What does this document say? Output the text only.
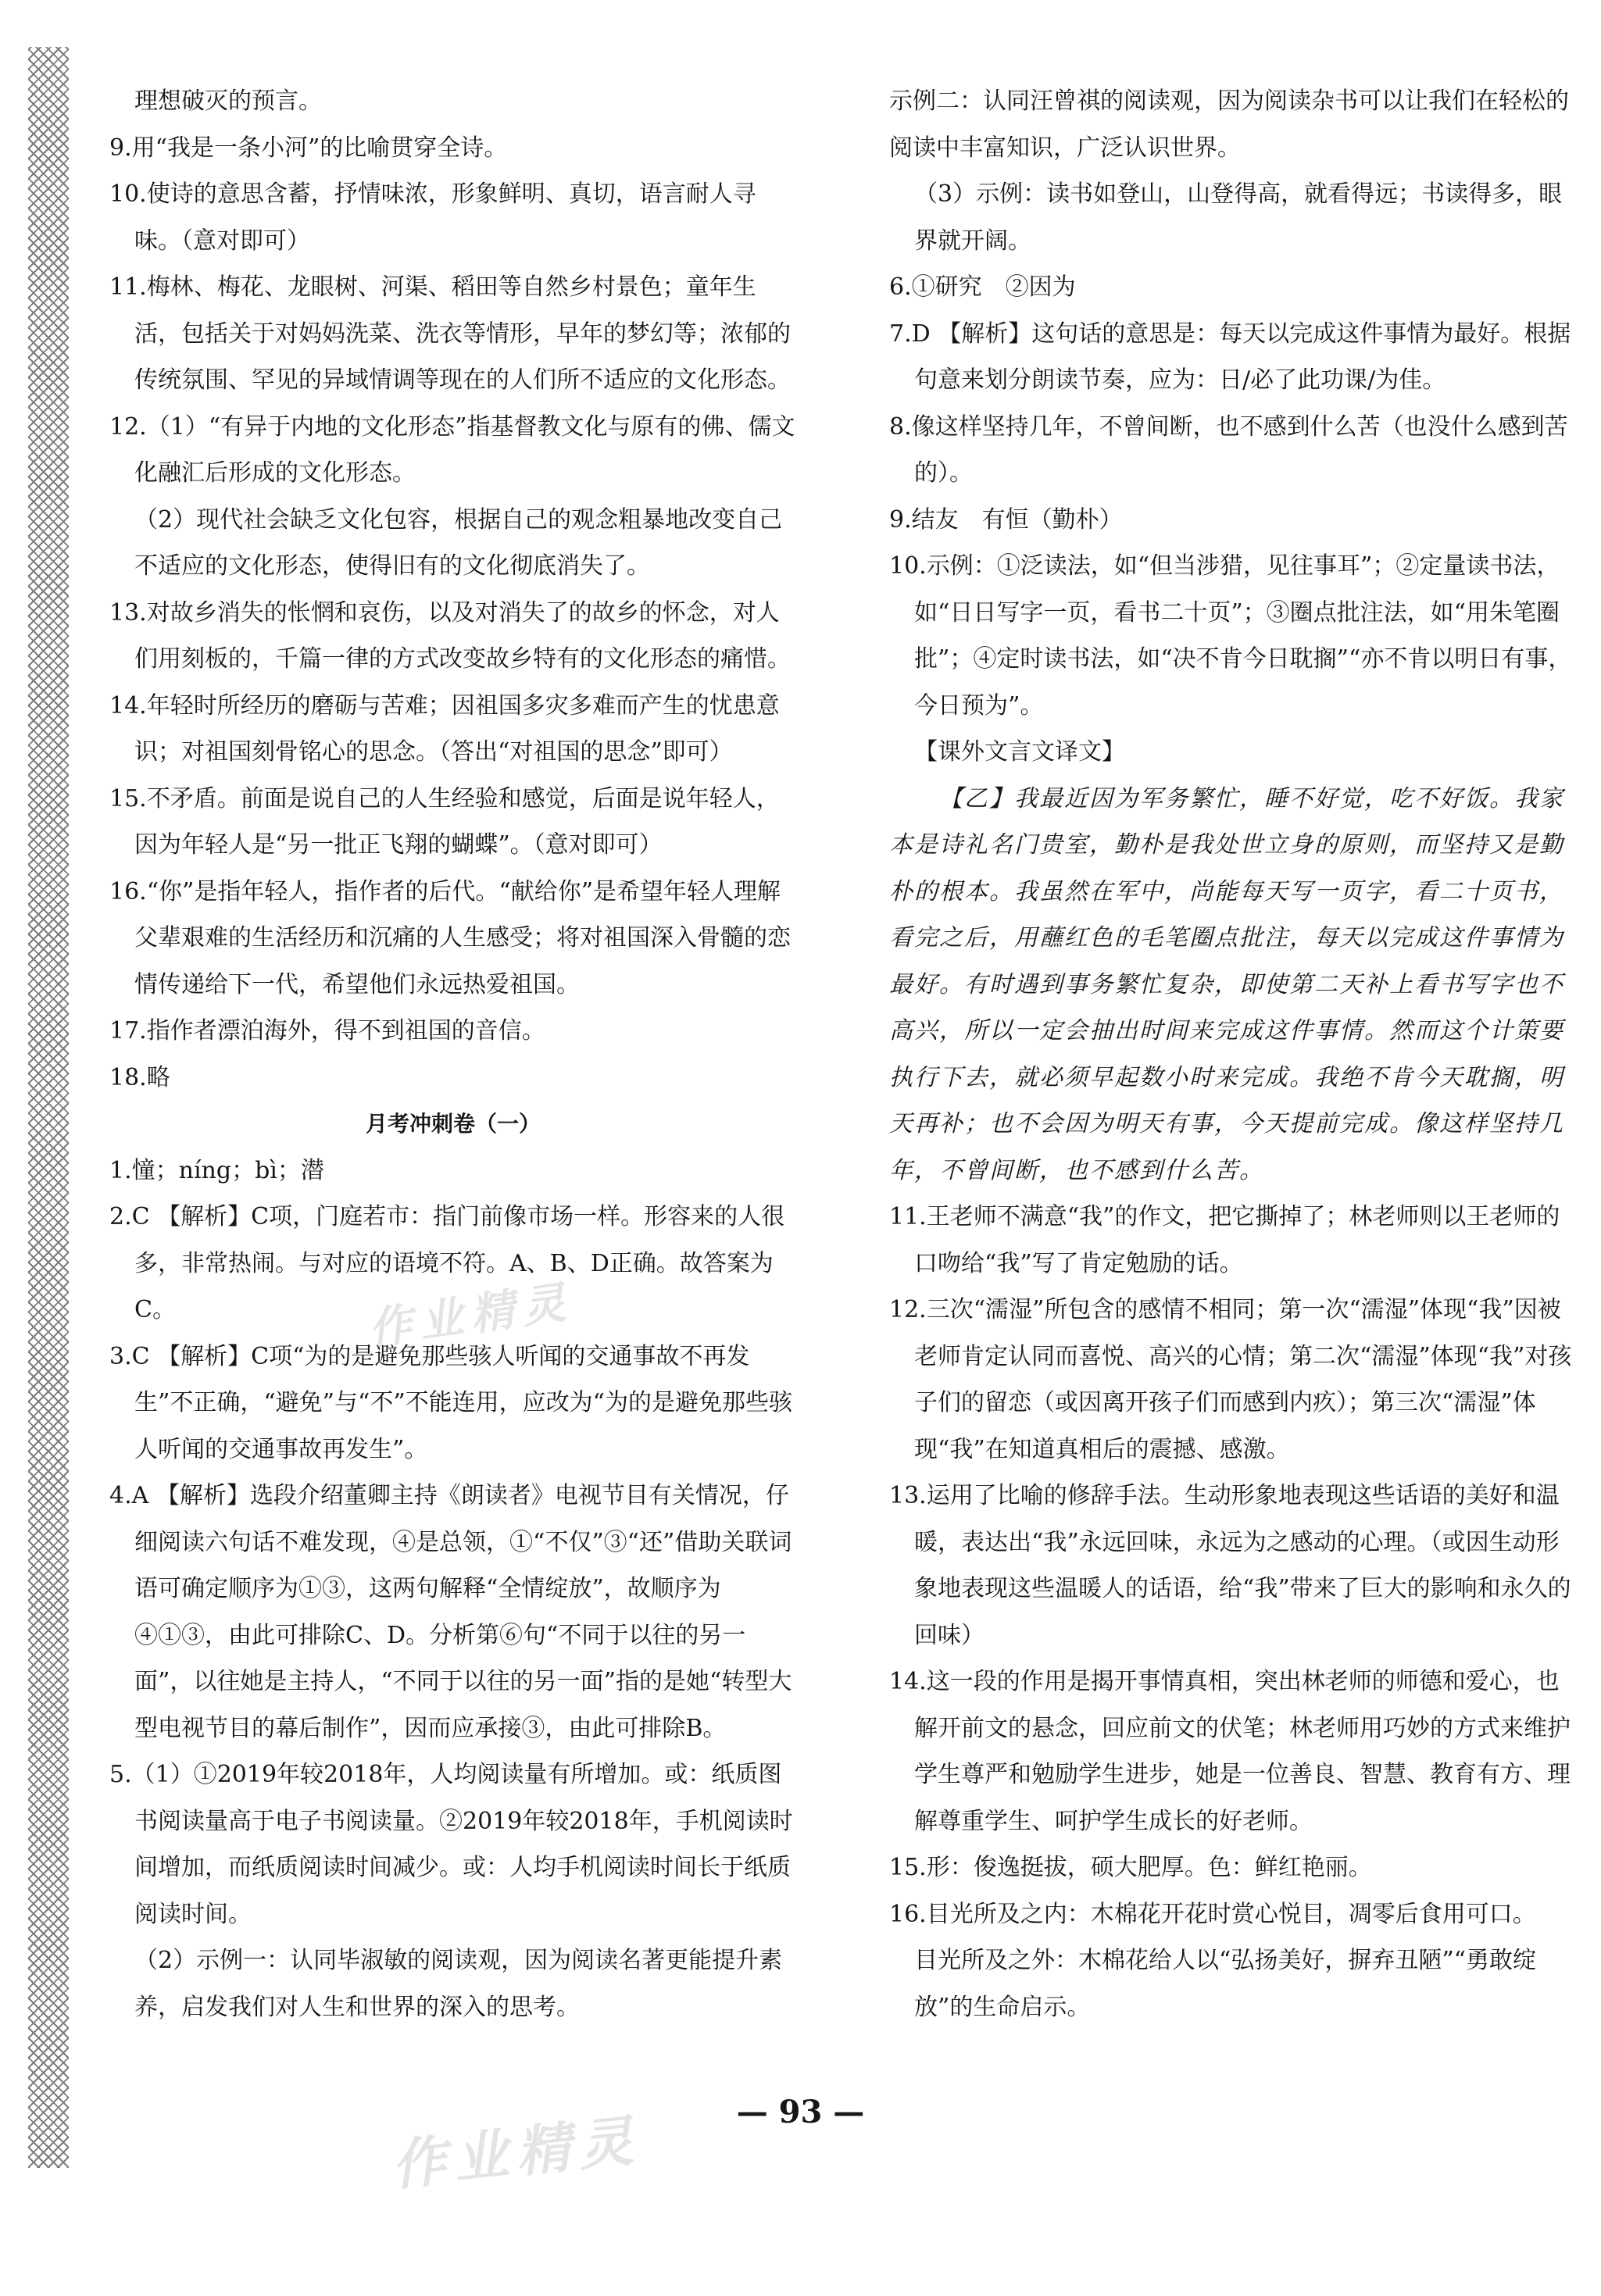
理想破灭的预言。

9.用“我是一条小河”的比喻贯穿全诗。

10.使诗的意思含蓄，抒情味浓，形象鲜明、真切，语言耐人寻味。（意对即可）

11.梅林、梅花、龙眼树、河渠、稻田等自然乡村景色；童年生活，包括关于对妈妈洗菜、洗衣等情形，早年的梦幻等；浓郁的传统氛围、罕见的异域情调等现在的人们所不适应的文化形态。

12.（1）“有异于内地的文化形态”指基督教文化与原有的佛、儒文化融汇后形成的文化形态。

（2）现代社会缺乏文化包容，根据自己的观念粗暴地改变自己不适应的文化形态，使得旧有的文化彻底消失了。

13.对故乡消失的怅惘和哀伤，以及对消失了的故乡的怀念，对人们用刻板的，千篇一律的方式改变故乡特有的文化形态的痛惜。

14.年轻时所经历的磨砺与苦难；因祖国多灾多难而产生的忧患意识；对祖国刻骨铭心的思念。（答出“对祖国的思念”即可）

15.不矛盾。前面是说自己的人生经验和感觉，后面是说年轻人，因为年轻人是“另一批正飞翔的蝴蝶”。（意对即可）

16.“你”是指年轻人，指作者的后代。“献给你”是希望年轻人理解父辈艰难的生活经历和沉痛的人生感受；将对祖国深入骨髓的恋情传递给下一代，希望他们永远热爱祖国。

17.指作者漂泊海外，得不到祖国的音信。

18.略

月考冲刺卷（一）

1.憧；níng；bì；潜

2.C 【解析】C项，门庭若市：指门前像市场一样。形容来的人很多，非常热闹。与对应的语境不符。A、B、D正确。故答案为C。

3.C 【解析】C项“为的是避免那些骇人听闻的交通事故不再发生”不正确，“避免”与“不”不能连用，应改为“为的是避免那些骇人听闻的交通事故再发生”。

4.A 【解析】选段介绍董卿主持《朗读者》电视节目有关情况，仔细阅读六句话不难发现，④是总领，①“不仅”③“还”借助关联词语可确定顺序为①③，这两句解释“全情绽放”，故顺序为④①③，由此可排除C、D。分析第⑥句“不同于以往的另一面”，以往她是主持人，“不同于以往的另一面”指的是她“转型大型电视节目的幕后制作”，因而应承接③，由此可排除B。

5.（1）①2019年较2018年，人均阅读量有所增加。或：纸质图书阅读量高于电子书阅读量。②2019年较2018年，手机阅读时间增加，而纸质阅读时间减少。或：人均手机阅读时间长于纸质阅读时间。

（2）示例一：认同毕淑敏的阅读观，因为阅读名著更能提升素养，启发我们对人生和世界的深入的思考。

示例二：认同汪曾祺的阅读观，因为阅读杂书可以让我们在轻松的阅读中丰富知识，广泛认识世界。

（3）示例：读书如登山，山登得高，就看得远；书读得多，眼界就开阔。

6.①研究　②因为

7.D 【解析】这句话的意思是：每天以完成这件事情为最好。根据句意来划分朗读节奏，应为：日/必了此功课/为佳。

8.像这样坚持几年，不曾间断，也不感到什么苦（也没什么感到苦的）。

9.结友　有恒（勤朴）

10.示例：①泛读法，如“但当涉猎，见往事耳”；②定量读书法，如“日日写字一页，看书二十页”；③圈点批注法，如“用朱笔圈批”；④定时读书法，如“决不肯今日耽搁”“亦不肯以明日有事，今日预为”。

【课外文言文译文】

【乙】我最近因为军务繁忙，睡不好觉，吃不好饭。我家本是诗礼名门贵室，勤朴是我处世立身的原则，而坚持又是勤朴的根本。我虽然在军中，尚能每天写一页字，看二十页书，看完之后，用蘸红色的毛笔圈点批注，每天以完成这件事情为最好。有时遇到事务繁忙复杂，即使第二天补上看书写字也不高兴，所以一定会抽出时间来完成这件事情。然而这个计策要执行下去，就必须早起数小时来完成。我绝不肯今天耽搁，明天再补；也不会因为明天有事，今天提前完成。像这样坚持几年，不曾间断，也不感到什么苦。

11.王老师不满意“我”的作文，把它撕掉了；林老师则以王老师的口吻给“我”写了肯定勉励的话。

12.三次“濡湿”所包含的感情不相同；第一次“濡湿”体现“我”因被老师肯定认同而喜悦、高兴的心情；第二次“濡湿”体现“我”对孩子们的留恋（或因离开孩子们而感到内疚）；第三次“濡湿”体现“我”在知道真相后的震撼、感激。

13.运用了比喻的修辞手法。生动形象地表现这些话语的美好和温暖，表达出“我”永远回味，永远为之感动的心理。（或因生动形象地表现这些温暖人的话语，给“我”带来了巨大的影响和永久的回味）

14.这一段的作用是揭开事情真相，突出林老师的师德和爱心，也解开前文的悬念，回应前文的伏笔；林老师用巧妙的方式来维护学生尊严和勉励学生进步，她是一位善良、智慧、教育有方、理解尊重学生、呵护学生成长的好老师。

15.形：俊逸挺拔，硕大肥厚。色：鲜红艳丽。

16.目光所及之内：木棉花开花时赏心悦目，凋零后食用可口。

目光所及之外：木棉花给人以“弘扬美好，摒弃丑陋”“勇敢绽放”的生命启示。

作业精灵
作业精灵	— 93 —
